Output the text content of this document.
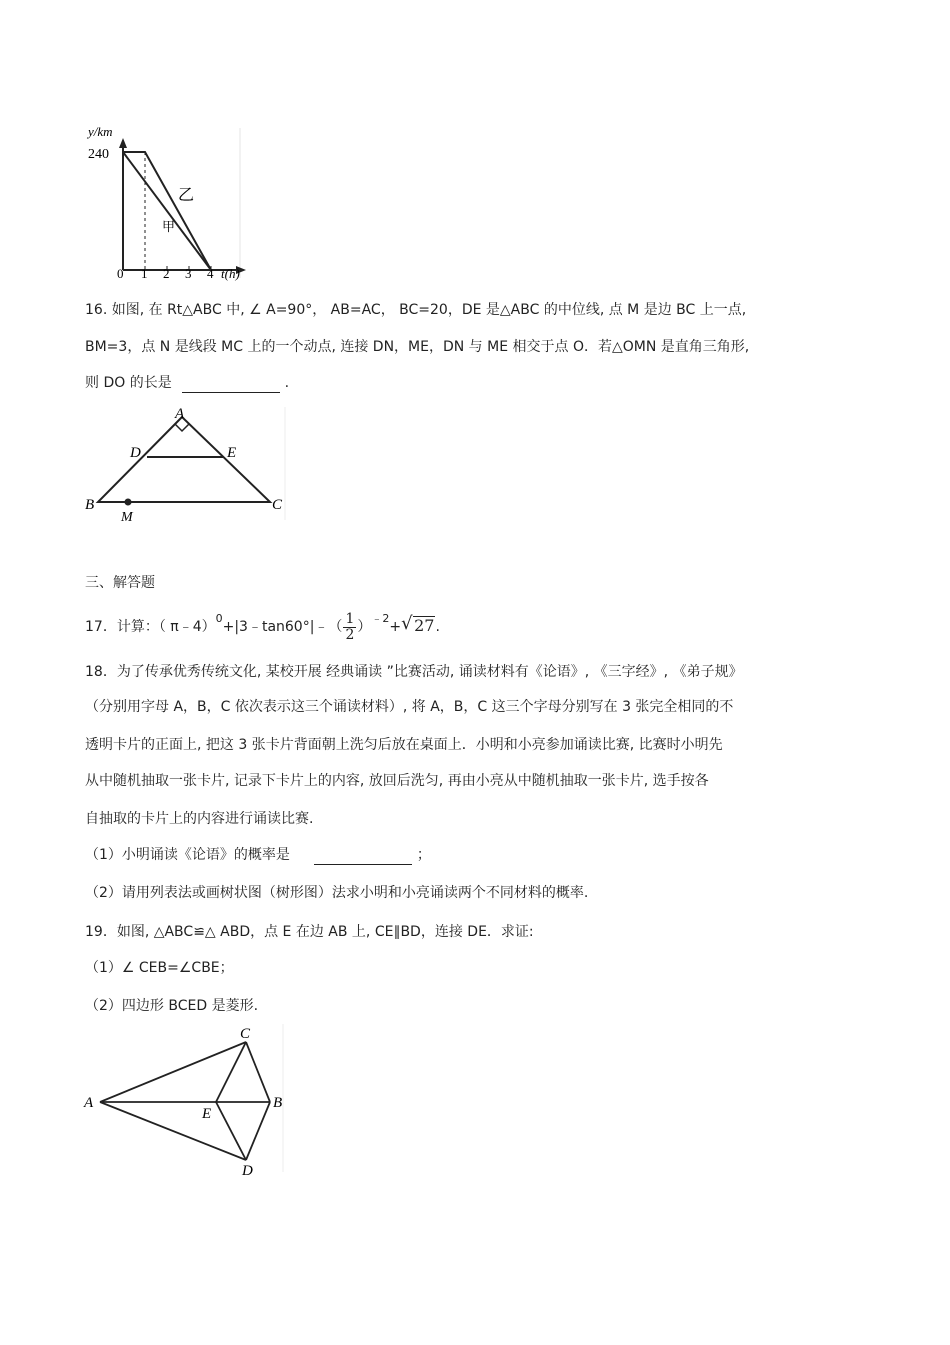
y/km
240
0 1 2 3 4 t(h)
乙
甲
16. 如图, 在 Rt△ABC 中, ∠ A=90°， AB=AC， BC=20，DE 是△ABC 的中位线, 点 M 是边 BC 上一点,
BM=3，点 N 是线段 MC 上的一个动点, 连接 DN，ME，DN 与 ME 相交于点 O．若△OMN 是直角三角形,
则 DO 的长是	.
A
D	E
B
M
C
三、解答题
17．计算：（ π﹣4）$^0$+|3﹣tan60°|﹣（ $\frac{1}{2} )^{﹣2}+$ √ 27.
18．为了传承优秀传统文化, 某校开展 经典诵读 ”比赛活动, 诵读材料有《论语》, 《三字经》, 《弟子规》
（分别用字母 A，B，C 依次表示这三个诵读材料）, 将 A，B，C 这三个字母分别写在 3 张完全相同的不
透明卡片的正面上, 把这 3 张卡片背面朝上洗匀后放在桌面上．小明和小亮参加诵读比赛, 比赛时小明先
从中随机抽取一张卡片, 记录下卡片上的内容, 放回后洗匀, 再由小亮从中随机抽取一张卡片, 选手按各
自抽取的卡片上的内容进行诵读比赛.
（1）小明诵读《论语》的概率是	；
（2）请用列表法或画树状图（树形图）法求小明和小亮诵读两个不同材料的概率.
19．如图, △ABC≌△ ABD，点 E 在边 AB 上, CE∥BD，连接 DE．求证:
（1）∠ CEB=∠CBE；
（2）四边形 BCED 是菱形.
A
C
E
B
D
